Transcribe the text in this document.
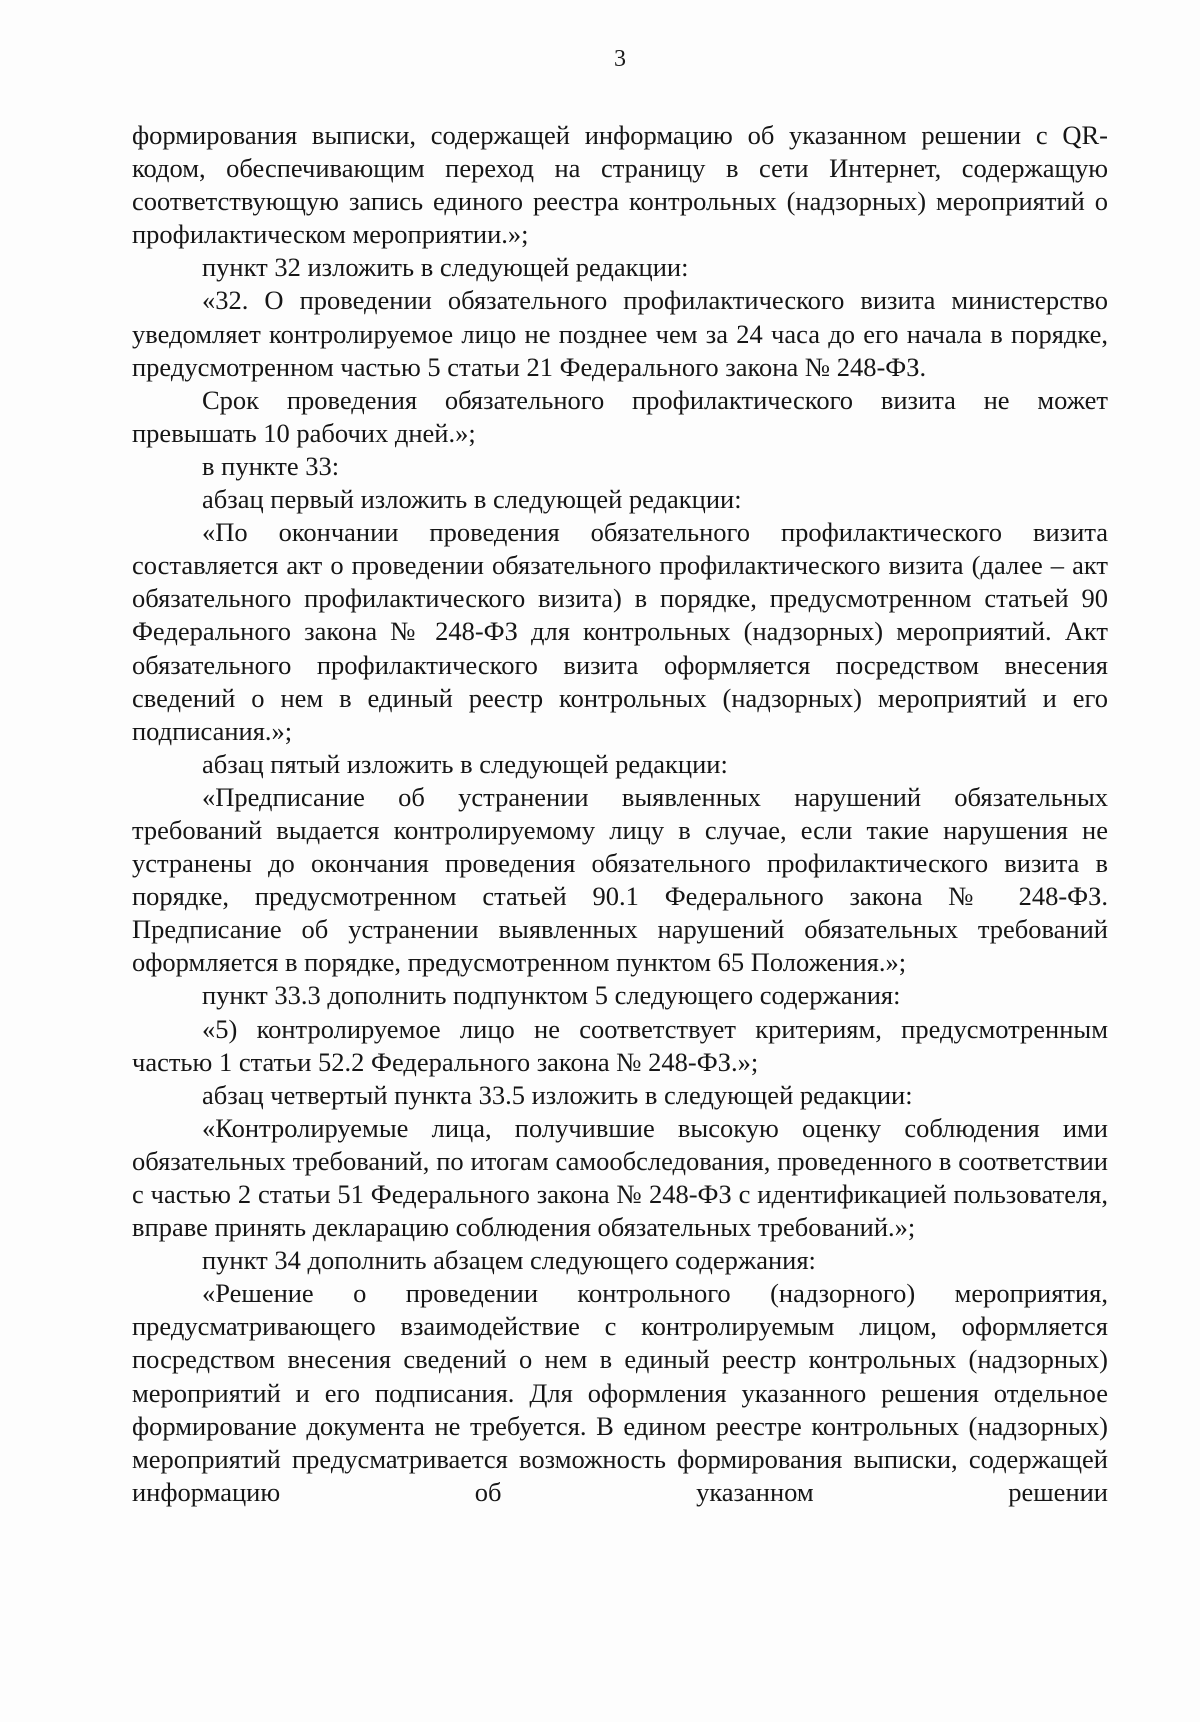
3

формирования выписки, содержащей информацию об указанном решении с QR-кодом, обеспечивающим переход на страницу в сети Интернет, содержащую соответствующую запись единого реестра контрольных (надзорных) мероприятий о профилактическом мероприятии.»;

пункт 32 изложить в следующей редакции:

«32. О проведении обязательного профилактического визита министерство уведомляет контролируемое лицо не позднее чем за 24 часа до его начала в порядке, предусмотренном частью 5 статьи 21 Федерального закона № 248-ФЗ.

Срок проведения обязательного профилактического визита не может превышать 10 рабочих дней.»;

в пункте 33:

абзац первый изложить в следующей редакции:

«По окончании проведения обязательного профилактического визита составляется акт о проведении обязательного профилактического визита (далее – акт обязательного профилактического визита) в порядке, предусмотренном статьей 90 Федерального закона № 248-ФЗ для контрольных (надзорных) мероприятий. Акт обязательного профилактического визита оформляется посредством внесения сведений о нем в единый реестр контрольных (надзорных) мероприятий и его подписания.»;

абзац пятый изложить в следующей редакции:

«Предписание об устранении выявленных нарушений обязательных требований выдается контролируемому лицу в случае, если такие нарушения не устранены до окончания проведения обязательного профилактического визита в порядке, предусмотренном статьей 90.1 Федерального закона № 248-ФЗ. Предписание об устранении выявленных нарушений обязательных требований оформляется в порядке, предусмотренном пунктом 65 Положения.»;

пункт 33.3 дополнить подпунктом 5 следующего содержания:

«5) контролируемое лицо не соответствует критериям, предусмотренным частью 1 статьи 52.2 Федерального закона № 248-ФЗ.»;

абзац четвертый пункта 33.5 изложить в следующей редакции:

«Контролируемые лица, получившие высокую оценку соблюдения ими обязательных требований, по итогам самообследования, проведенного в соответствии с частью 2 статьи 51 Федерального закона № 248-ФЗ с идентификацией пользователя, вправе принять декларацию соблюдения обязательных требований.»;

пункт 34 дополнить абзацем следующего содержания:

«Решение о проведении контрольного (надзорного) мероприятия, предусматривающего взаимодействие с контролируемым лицом, оформляется посредством внесения сведений о нем в единый реестр контрольных (надзорных) мероприятий и его подписания. Для оформления указанного решения отдельное формирование документа не требуется. В едином реестре контрольных (надзорных) мероприятий предусматривается возможность формирования выписки, содержащей информацию об указанном решении
